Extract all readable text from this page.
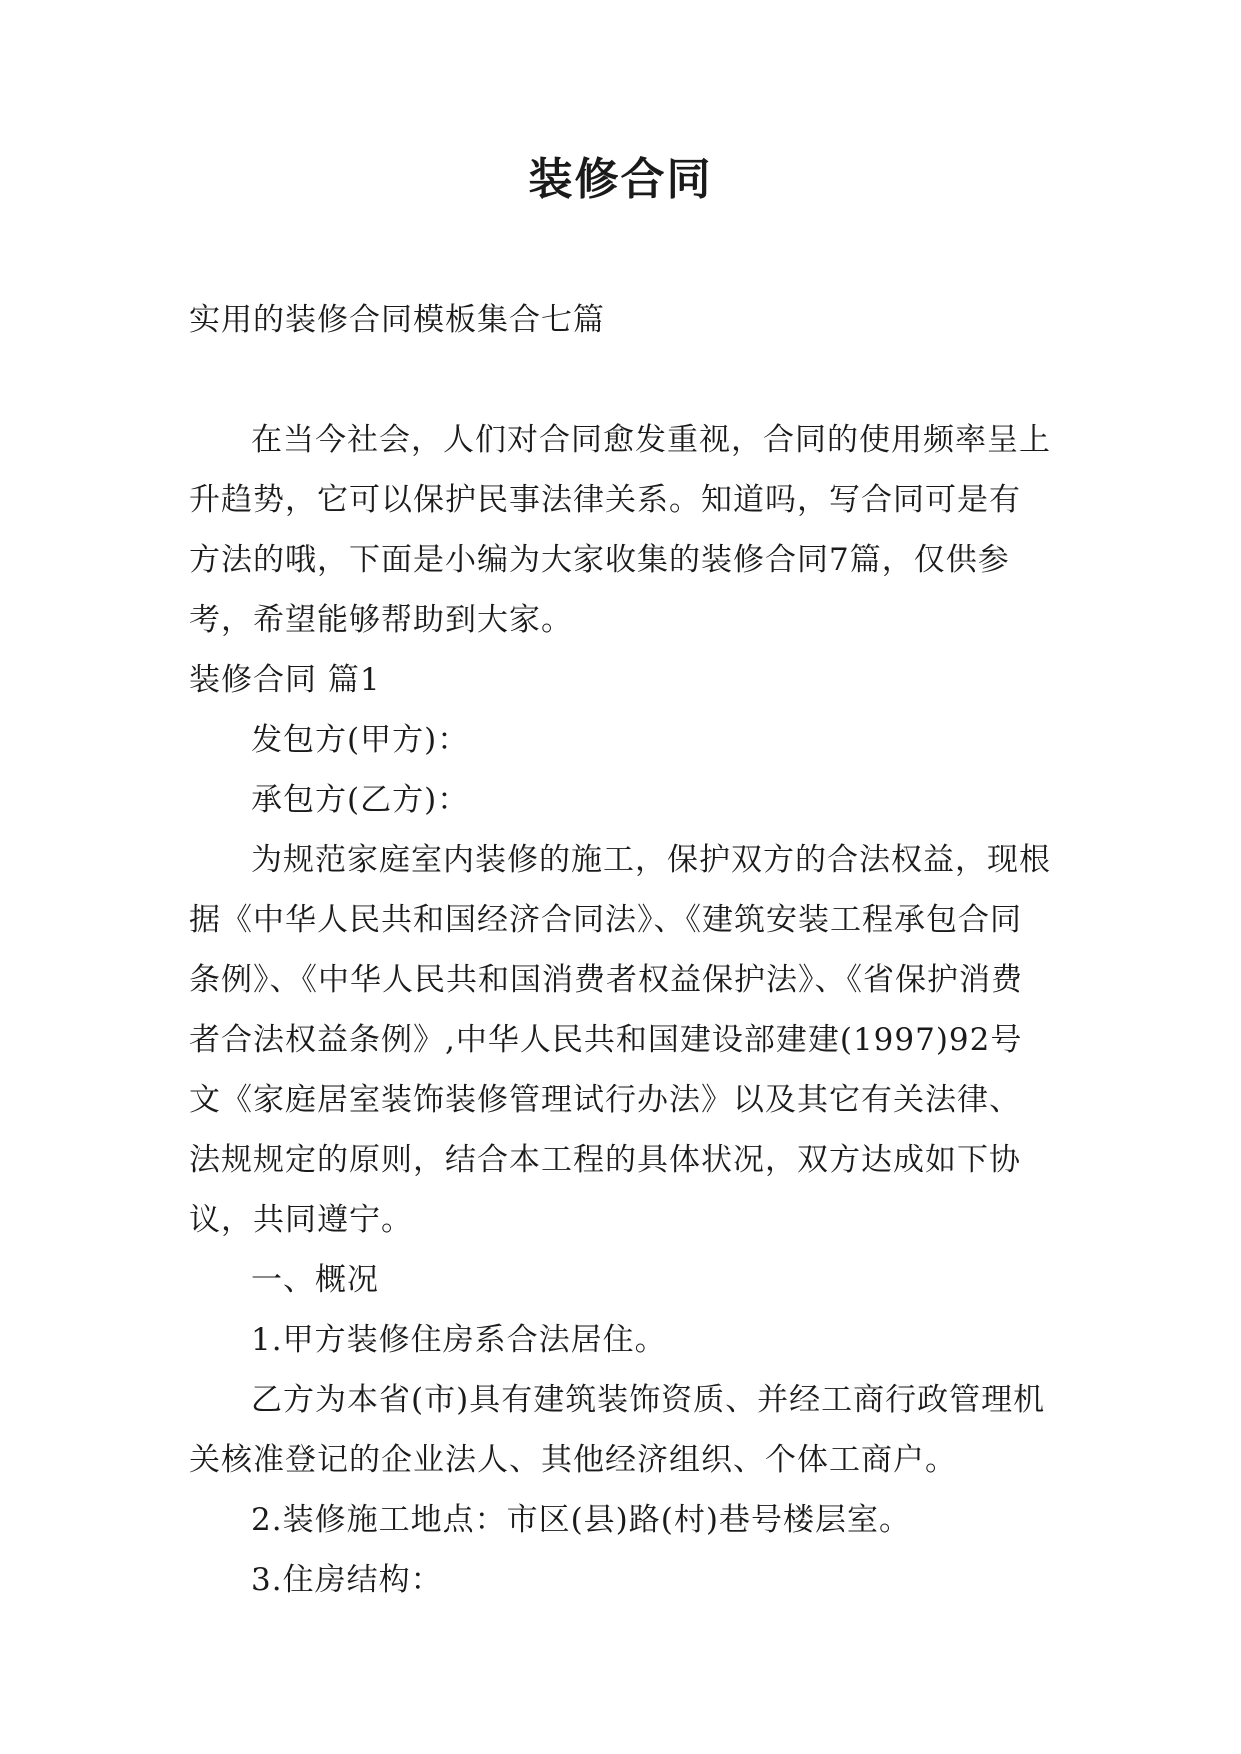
装修合同

实用的装修合同模板集合七篇

在当今社会，人们对合同愈发重视，合同的使用频率呈上升趋势，它可以保护民事法律关系。知道吗，写合同可是有方法的哦，下面是小编为大家收集的装修合同7篇，仅供参考，希望能够帮助到大家。

装修合同 篇1

发包方(甲方)：

承包方(乙方)：

为规范家庭室内装修的施工，保护双方的合法权益，现根据《中华人民共和国经济合同法》、《建筑安装工程承包合同条例》、《中华人民共和国消费者权益保护法》、《省保护消费者合法权益条例》,中华人民共和国建设部建建(1997)92号文《家庭居室装饰装修管理试行办法》以及其它有关法律、法规规定的原则，结合本工程的具体状况，双方达成如下协议，共同遵宁。

一、概况

1.甲方装修住房系合法居住。

乙方为本省(市)具有建筑装饰资质、并经工商行政管理机关核准登记的企业法人、其他经济组织、个体工商户。

2.装修施工地点：市区(县)路(村)巷号楼层室。

3.住房结构：
